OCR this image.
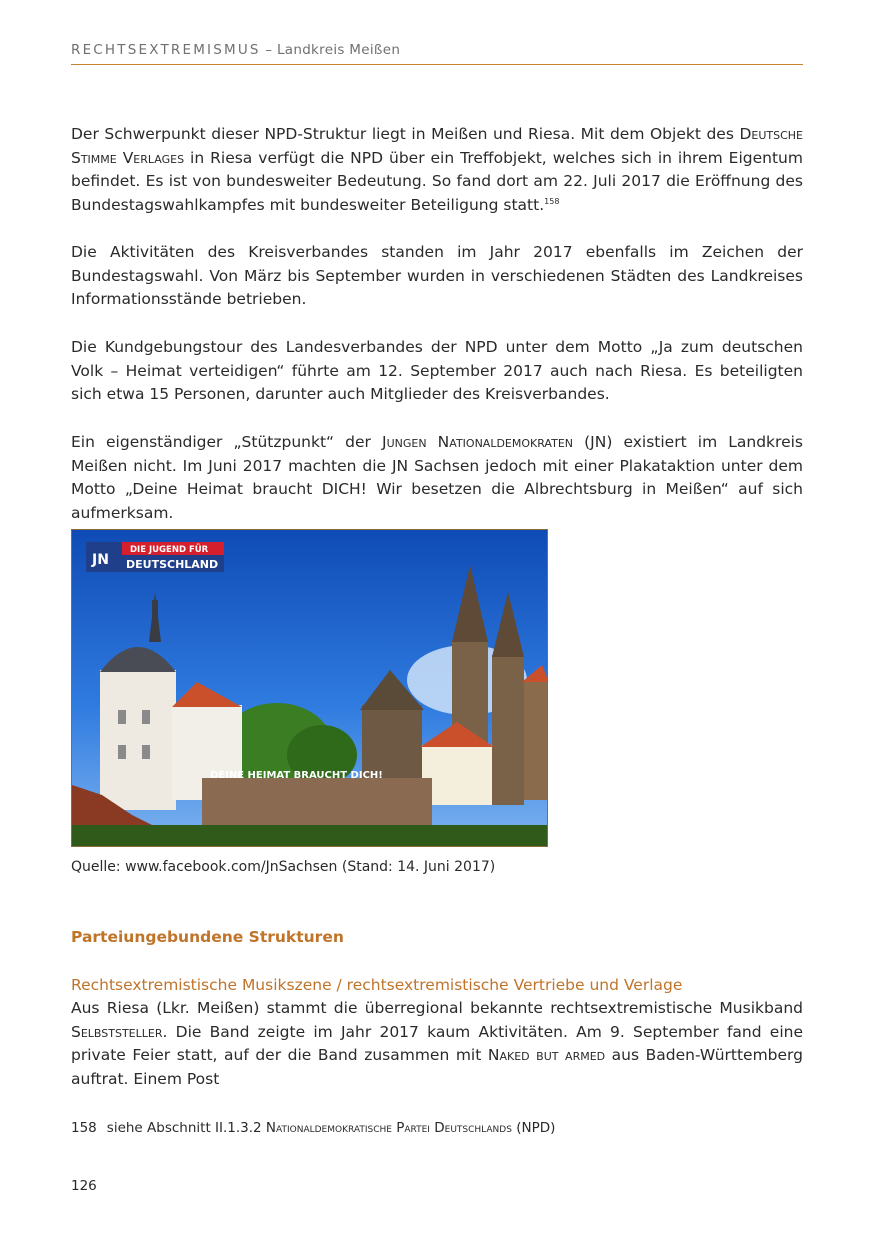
RECHTSEXTREMISMUS – Landkreis Meißen

Der Schwerpunkt dieser NPD-Struktur liegt in Meißen und Riesa. Mit dem Objekt des Deutsche Stimme Verlages in Riesa verfügt die NPD über ein Treffobjekt, welches sich in ihrem Eigentum befindet. Es ist von bundesweiter Bedeutung. So fand dort am 22. Juli 2017 die Eröffnung des Bundestagswahlkampfes mit bundesweiter Beteiligung statt.$^{158}$

Die Aktivitäten des Kreisverbandes standen im Jahr 2017 ebenfalls im Zeichen der Bundestagswahl. Von März bis September wurden in verschiedenen Städten des Landkreises Informationsstände betrieben.

Die Kundgebungstour des Landesverbandes der NPD unter dem Motto „Ja zum deutschen Volk – Heimat verteidigen“ führte am 12. September 2017 auch nach Riesa. Es beteiligten sich etwa 15 Personen, darunter auch Mitglieder des Kreisverbandes.

Ein eigenständiger „Stützpunkt“ der Jungen Nationaldemokraten (JN) existiert im Landkreis Meißen nicht. Im Juni 2017 machten die JN Sachsen jedoch mit einer Plakataktion unter dem Motto „Deine Heimat braucht DICH! Wir besetzen die Albrechtsburg in Meißen“ auf sich aufmerksam.

DEINE HEIMAT BRAUCHT DICH!
JN
DIE JUGEND FÜR
DEUTSCHLAND
Quelle: www.facebook.com/JnSachsen (Stand: 14. Juni 2017)
Parteiungebundene Strukturen
Rechtsextremistische Musikszene / rechtsextremistische Vertriebe und Verlage

Aus Riesa (Lkr. Meißen) stammt die überregional bekannte rechtsextremistische Musikband Selbststeller. Die Band zeigte im Jahr 2017 kaum Aktivitäten. Am 9. September fand eine private Feier statt, auf der die Band zusammen mit Naked but armed aus Baden-Württemberg auftrat. Einem Post

158 siehe Abschnitt II.1.3.2 Nationaldemokratische Partei Deutschlands (NPD)
126
